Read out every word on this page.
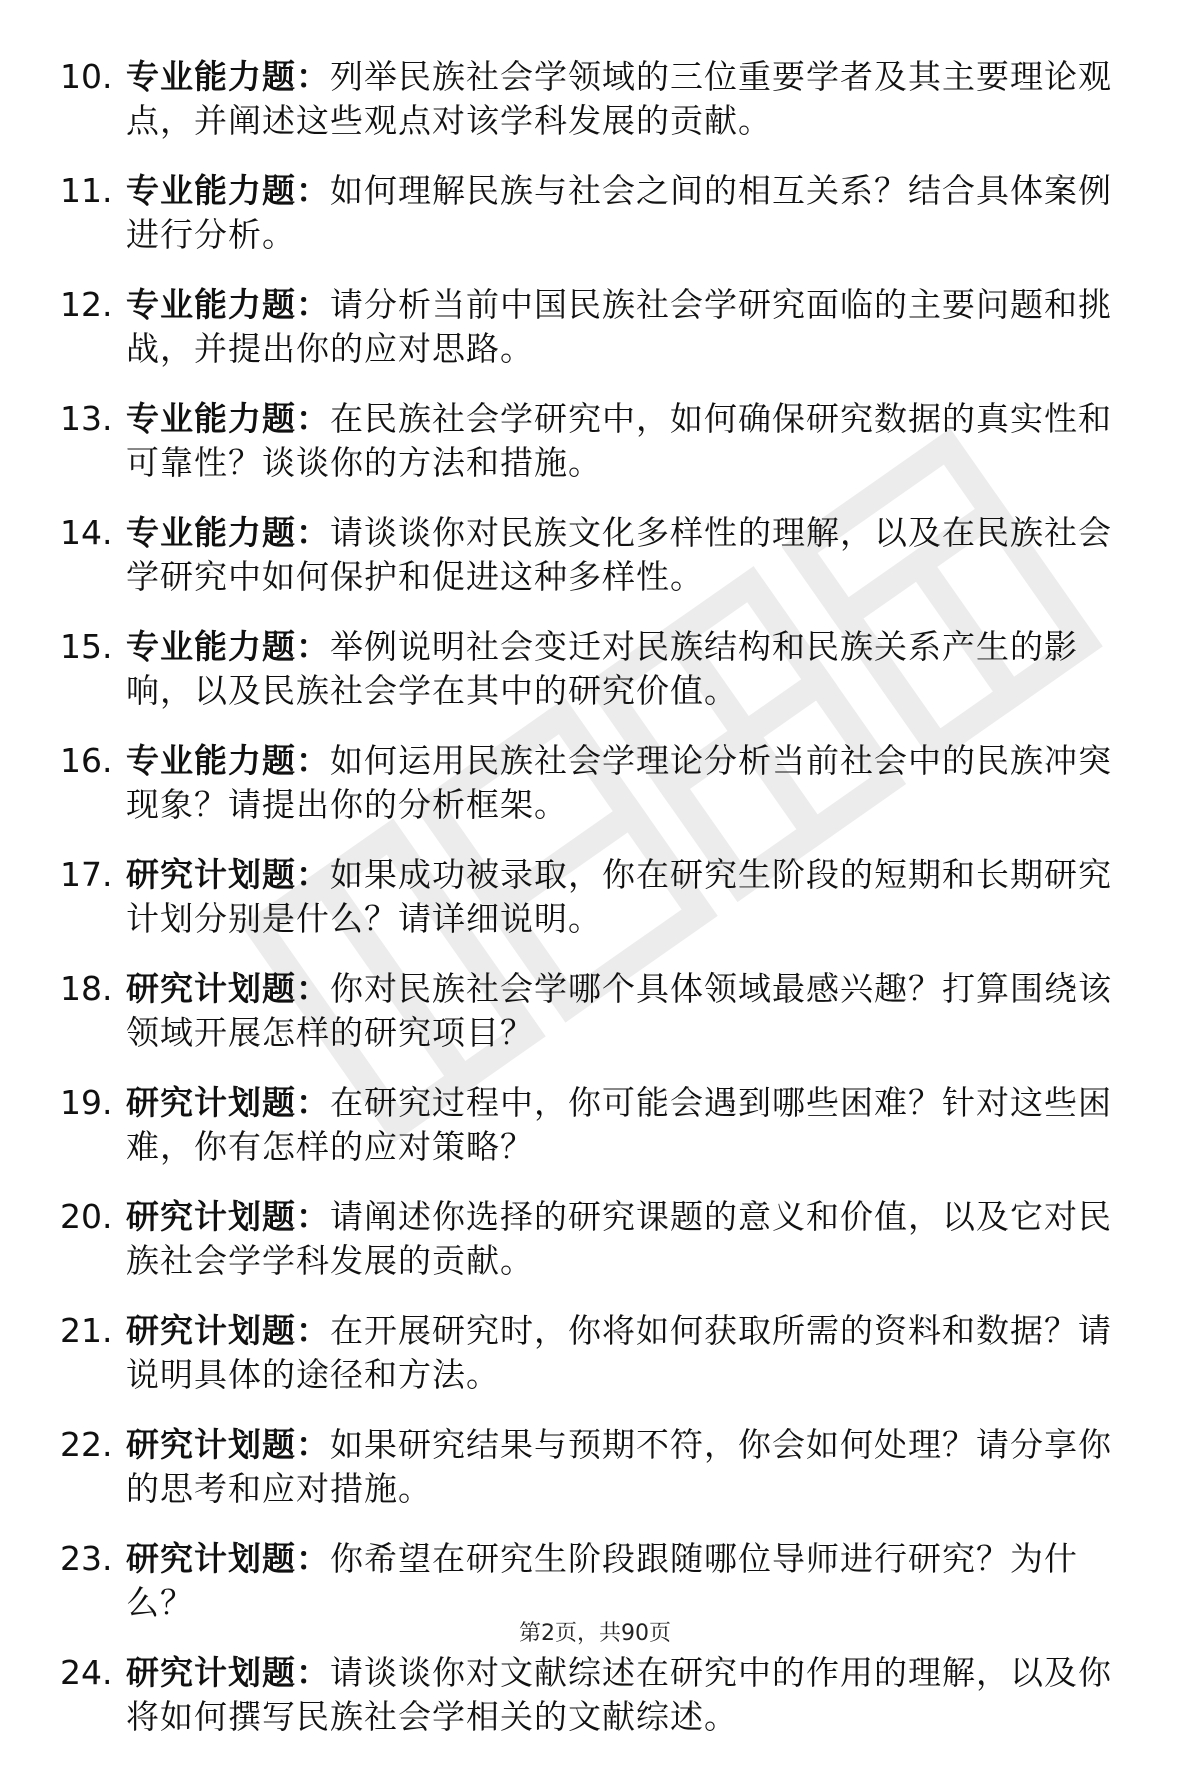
10. 专业能力题：列举民族社会学领域的三位重要学者及其主要理论观点，并阐述这些观点对该学科发展的贡献。
11. 专业能力题：如何理解民族与社会之间的相互关系？结合具体案例进行分析。
12. 专业能力题：请分析当前中国民族社会学研究面临的主要问题和挑战，并提出你的应对思路。
13. 专业能力题：在民族社会学研究中，如何确保研究数据的真实性和可靠性？谈谈你的方法和措施。
14. 专业能力题：请谈谈你对民族文化多样性的理解，以及在民族社会学研究中如何保护和促进这种多样性。
15. 专业能力题：举例说明社会变迁对民族结构和民族关系产生的影响，以及民族社会学在其中的研究价值。
16. 专业能力题：如何运用民族社会学理论分析当前社会中的民族冲突现象？请提出你的分析框架。
17. 研究计划题：如果成功被录取，你在研究生阶段的短期和长期研究计划分别是什么？请详细说明。
18. 研究计划题：你对民族社会学哪个具体领域最感兴趣？打算围绕该领域开展怎样的研究项目？
19. 研究计划题：在研究过程中，你可能会遇到哪些困难？针对这些困难，你有怎样的应对策略？
20. 研究计划题：请阐述你选择的研究课题的意义和价值，以及它对民族社会学学科发展的贡献。
21. 研究计划题：在开展研究时，你将如何获取所需的资料和数据？请说明具体的途径和方法。
22. 研究计划题：如果研究结果与预期不符，你会如何处理？请分享你的思考和应对措施。
23. 研究计划题：你希望在研究生阶段跟随哪位导师进行研究？为什么？
24. 研究计划题：请谈谈你对文献综述在研究中的作用的理解，以及你将如何撰写民族社会学相关的文献综述。
第2页，共90页
